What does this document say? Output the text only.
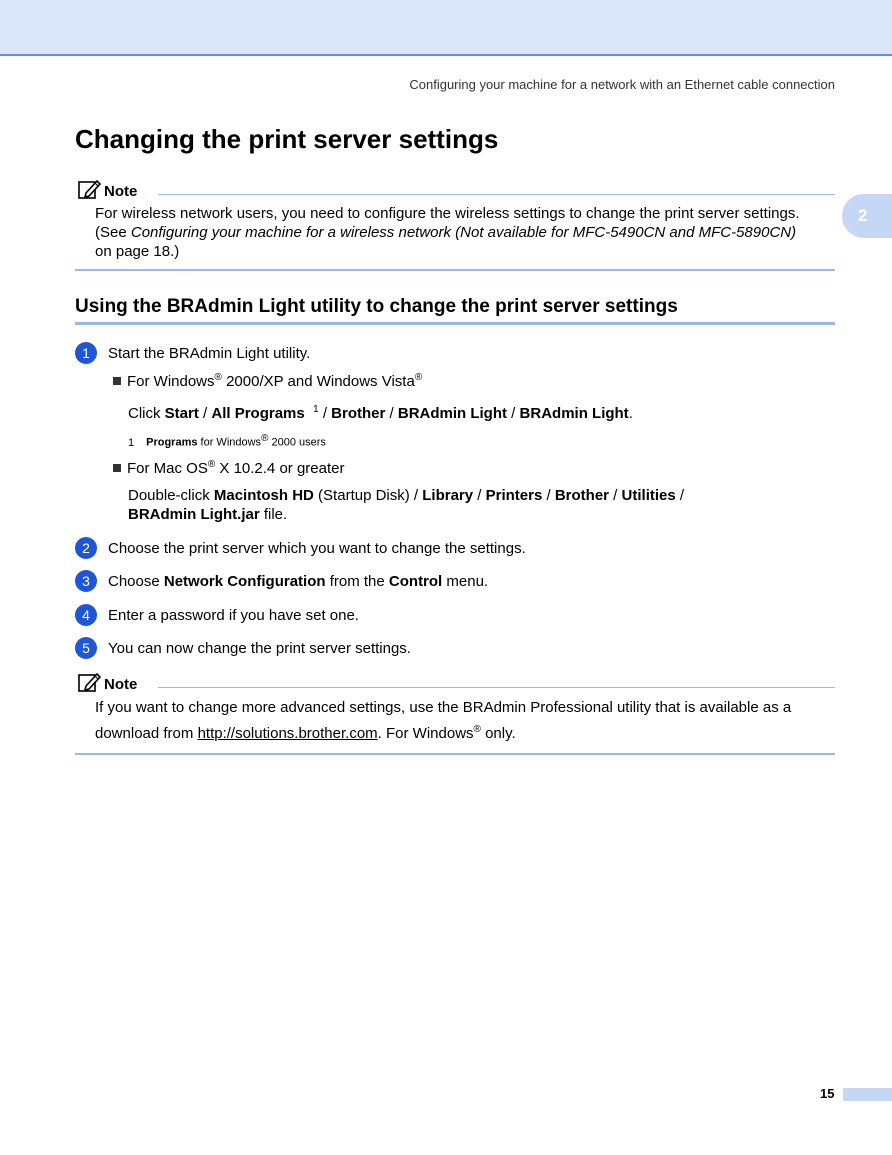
Configuring your machine for a network with an Ethernet cable connection
2
Changing the print server settings
Note
For wireless network users, you need to configure the wireless settings to change the print server settings.
(See Configuring your machine for a wireless network (Not available for MFC-5490CN and MFC-5890CN)
on page 18.)
Using the BRAdmin Light utility to change the print server settings
1	Start the BRAdmin Light utility.
For Windows® 2000/XP and Windows Vista®
Click Start / All Programs $^1$ / Brother / BRAdmin Light / BRAdmin Light.
1 Programs for Windows® 2000 users
For Mac OS® X 10.2.4 or greater
Double-click Macintosh HD (Startup Disk) / Library / Printers / Brother / Utilities /
BRAdmin Light.jar file.
2	Choose the print server which you want to change the settings.
3	Choose Network Configuration from the Control menu.
4	Enter a password if you have set one.
5	You can now change the print server settings.
Note
If you want to change more advanced settings, use the BRAdmin Professional utility that is available as a
download from http://solutions.brother.com. For Windows® only.
15
